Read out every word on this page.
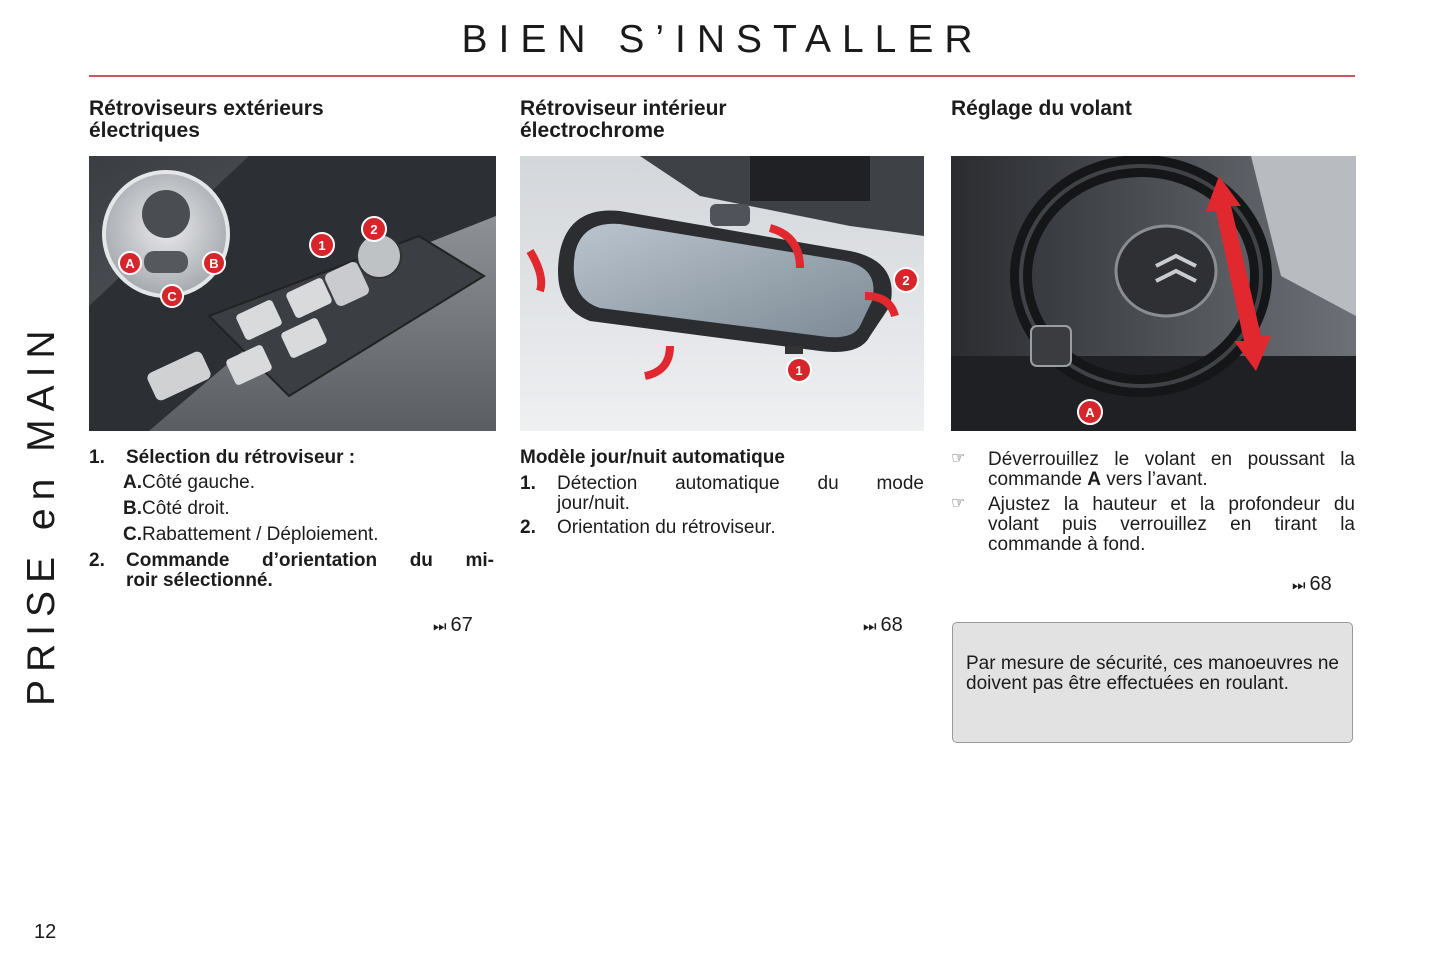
BIEN S’INSTALLER
PRISE en MAIN
Rétroviseurs extérieurs
électriques
A	B
C
1
2
1. Sélection du rétroviseur :
A.Côté gauche.
B.Côté droit.
C.Rabattement / Déploiement.
2. Commande d’orientation du mi-
roir sélectionné.
⏭ 67
Rétroviseur intérieur
électrochrome
1
2
Modèle jour/nuit automatique
1. Détection automatique du mode
jour/nuit.
2. Orientation du rétroviseur.
⏭ 68
Réglage du volant
A
☞ Déverrouillez le volant en poussant la commande A vers l’avant.
☞ Ajustez la hauteur et la profondeur du volant puis verrouillez en tirant la commande à fond.
⏭ 68
Par mesure de sécurité, ces manoeuvres ne doivent pas être effectuées en roulant.
12
